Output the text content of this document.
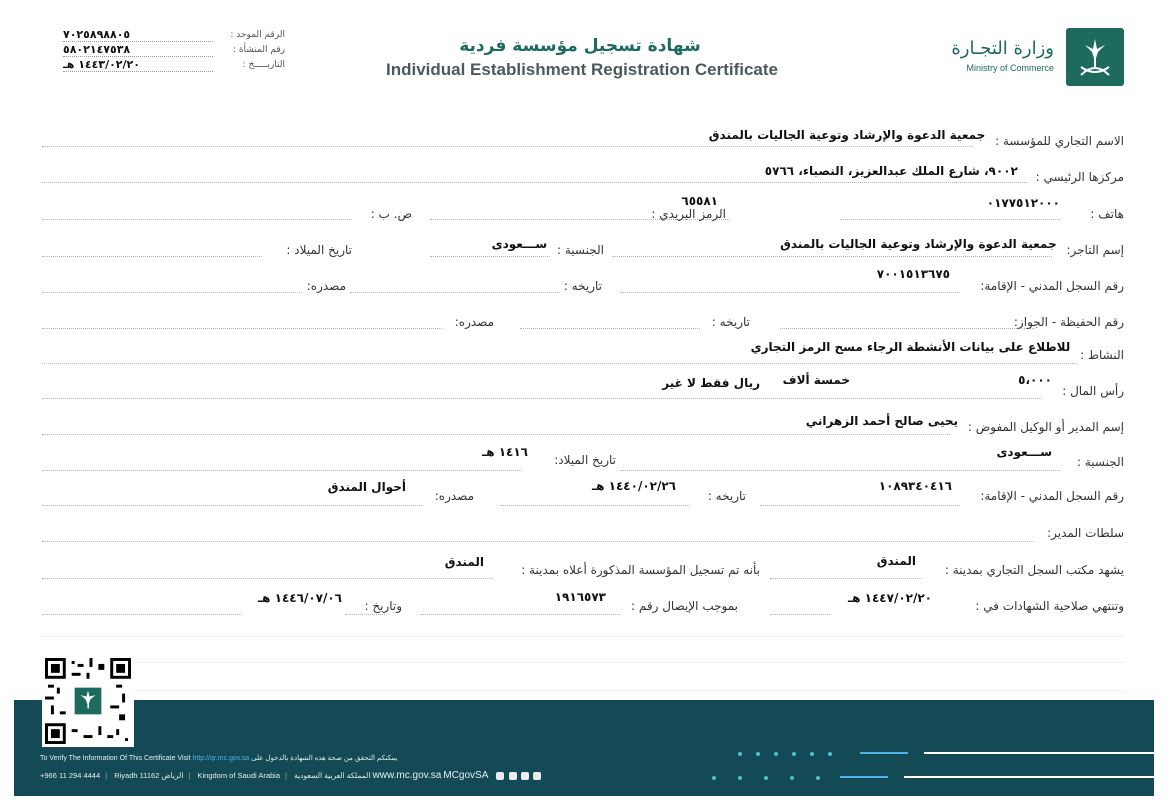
وزارة التجـارة
Ministry of Commerce
شهادة تسجيل مؤسسة فردية
Individual Establishment Registration Certificate
الرقم الموحد :
٧٠٢٥٨٩٨٨٠٥
رقم المنشأة :
٥٨٠٢١٤٧٥٣٨
التاريـــــخ :
١٤٤٣/٠٢/٢٠ هـ
الاسم التجاري للمؤسسة : جمعية الدعوة والإرشاد وتوعية الجاليات بالمندق
مركزها الرئيسي : ٩٠٠٢، شارع الملك عبدالعزيز، النصباء، ٥٧٦٦
هاتف :
٠١٧٧٥١٢٠٠٠
الرمز البريدي :
٦٥٥٨١
ص. ب :
إسم التاجر: جمعية الدعوة والإرشاد وتوعية الجاليات بالمندق
الجنسية : ســـعودى
تاريخ الميلاد :
رقم السجل المدني - الإقامة:
٧٠٠١٥١٣٦٧٥
تاريخه :
مصدره:
رقم الحفيظة - الجواز:
تاريخه :
مصدره:
النشاط : للاطلاع على بيانات الأنشطة الرجاء مسح الرمز التجاري
رأس المال :
٥،٠٠٠
خمسة ألاف
ريال فقط لا غير
إسم المدير أو الوكيل المفوض : يحيى صالح أحمد الزهراني
الجنسية :
ســـعودى
تاريخ الميلاد:
١٤١٦ هـ
رقم السجل المدني - الإقامة:
١٠٨٩٣٤٠٤١٦
تاريخه :
١٤٤٠/٠٢/٢٦ هـ
مصدره:
أحوال المندق
سلطات المدير:
يشهد مكتب السجل التجاري بمدينة :
المندق
بأنه تم تسجيل المؤسسة المذكورة أعلاه بمدينة :
المندق
وتنتهي صلاحية الشهادات في :
١٤٤٧/٠٢/٢٠ هـ
بموجب الإيصال رقم :
١٩١٦٥٧٣
وتاريخ :
١٤٤٦/٠٧/٠٦ هـ
To Verify The Information Of This Certificate Visit http://qr.mc.gov.sa يمكنكم التحقق من صحة هذه الشهادة بالدخول على
+966 11 294 4444 | Riyadh 11162 الرياض | Kingdom of Saudi Arabia | المملكة العربية السعودية www.mc.gov.sa MCgovSA
